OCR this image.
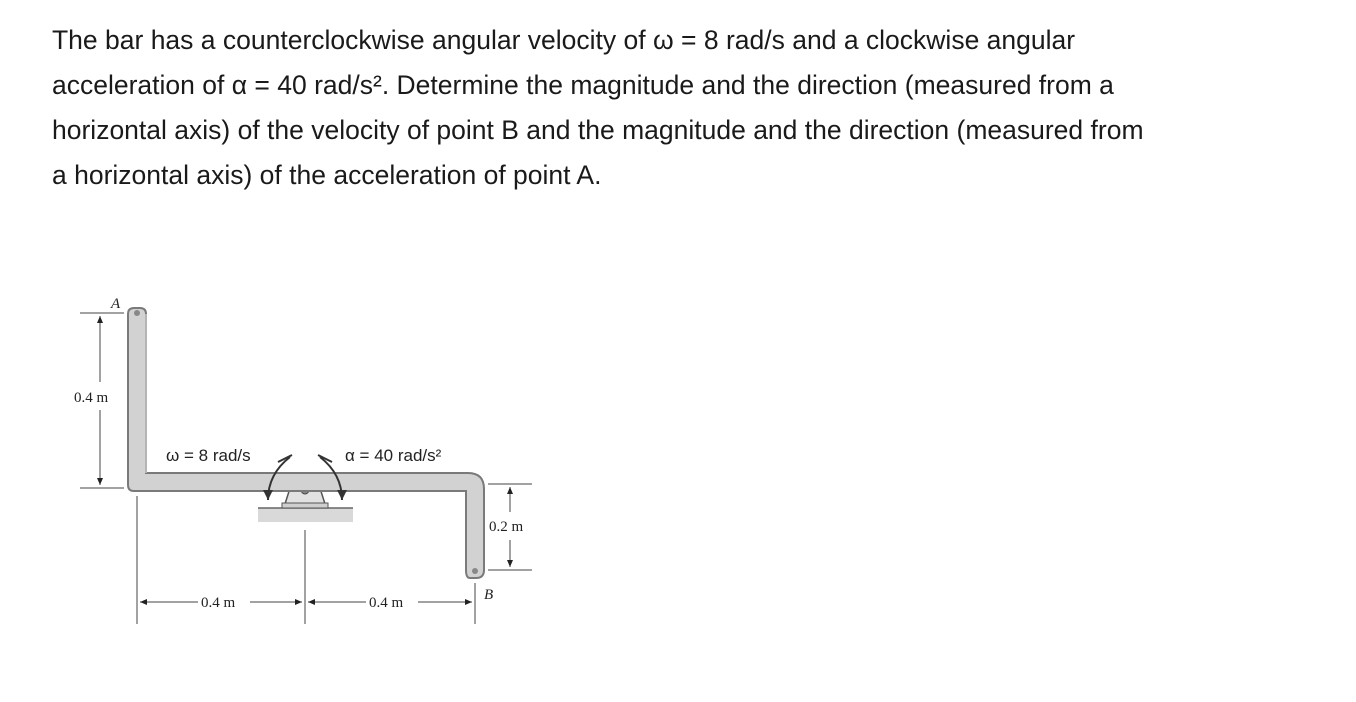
The bar has a counterclockwise angular velocity of ω = 8 rad/s and a clockwise angular
acceleration of α = 40 rad/s². Determine the magnitude and the direction (measured from a
horizontal axis) of the velocity of point B and the magnitude and the direction (measured from
a horizontal axis) of the acceleration of point A.
A
B
ω = 8 rad/s	α = 40 rad/s²
0.4 m
0.2 m
0.4 m	0.4 m
